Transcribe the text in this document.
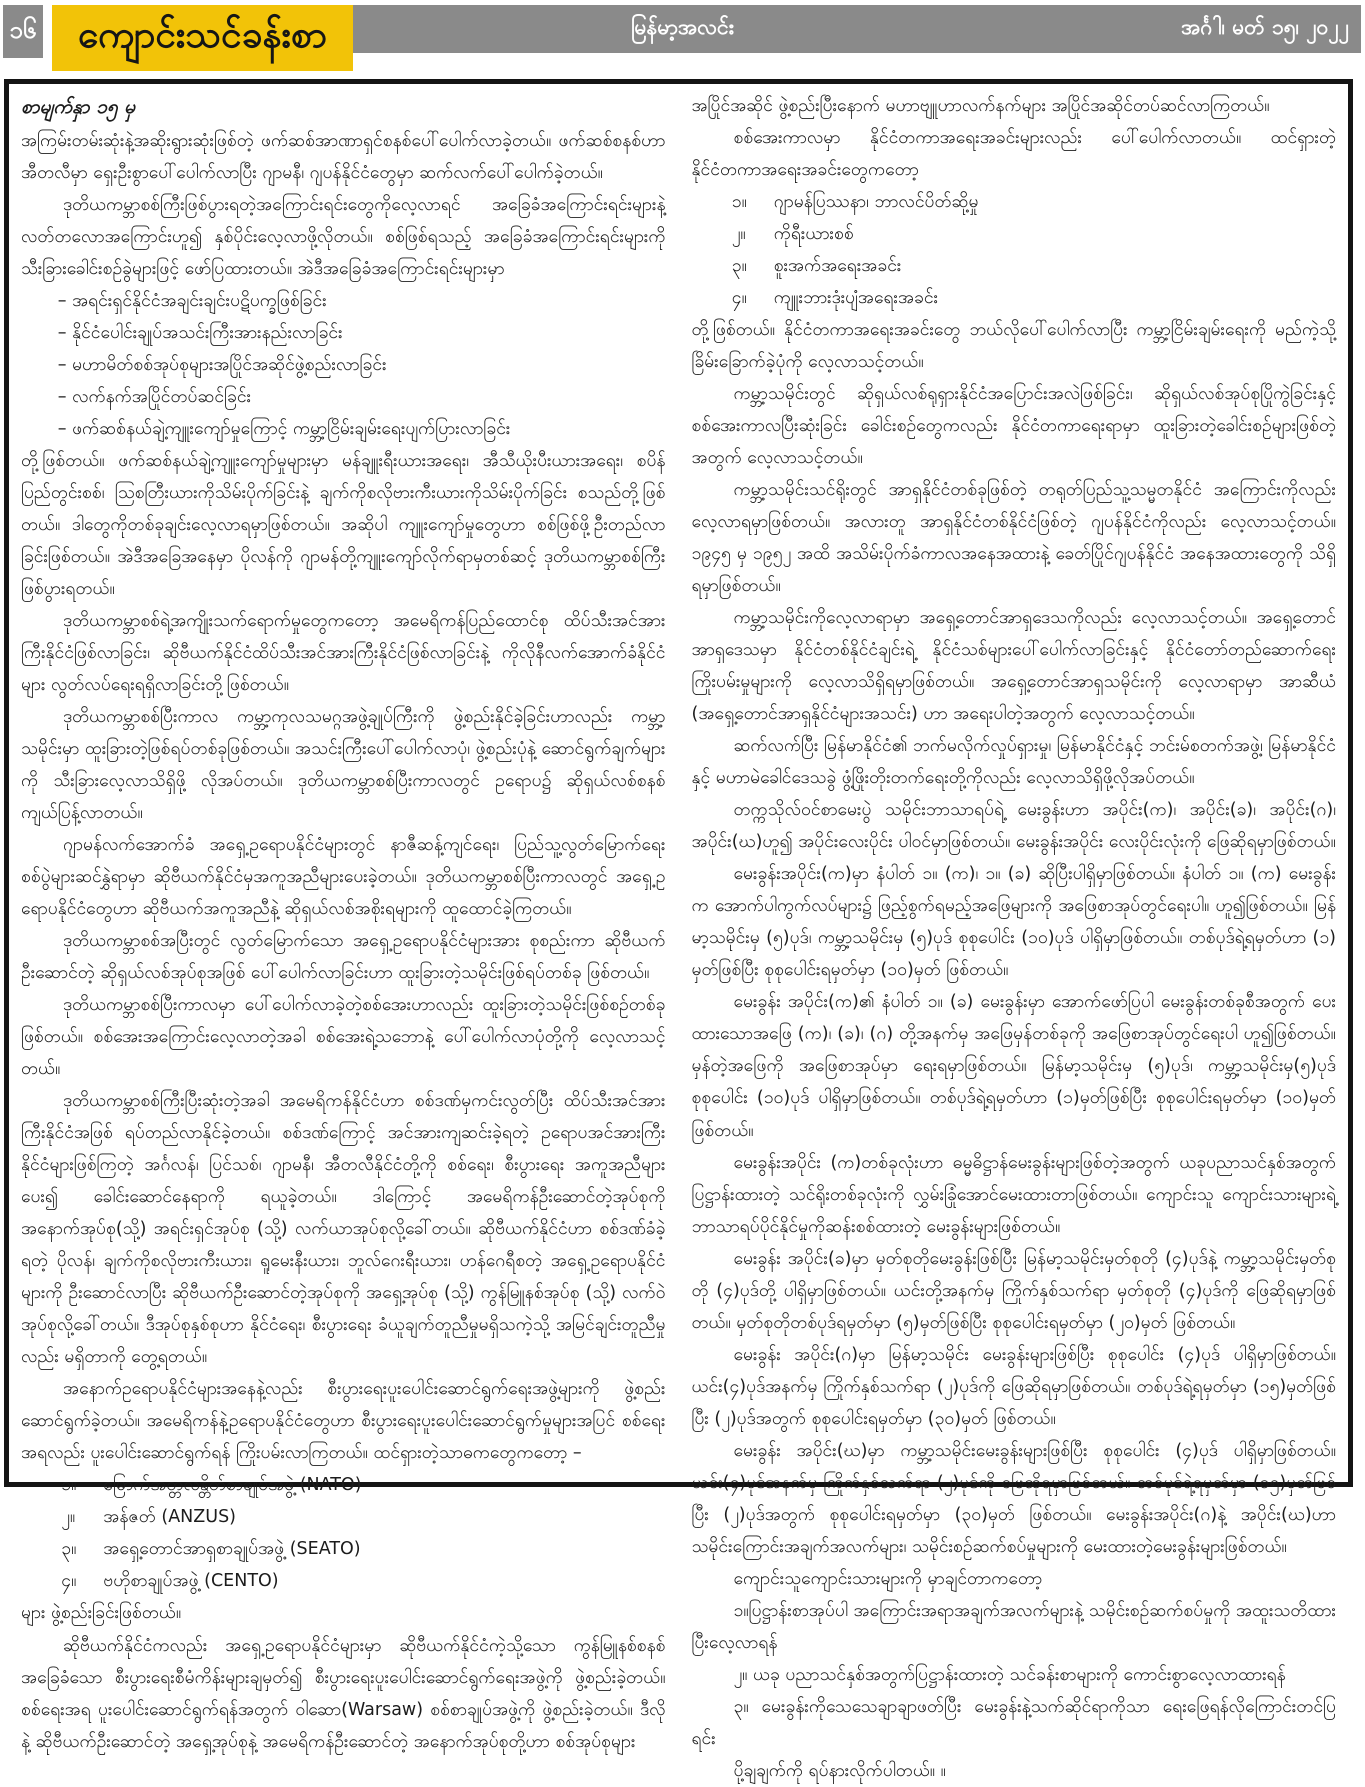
မြန်မာ့အလင်း	အင်္ဂါ၊ မတ် ၁၅၊ ၂၀၂၂
၁၆	ကျောင်းသင်ခန်းစာ
စာမျက်နှာ ၁၅ မှ
အကြမ်းတမ်းဆုံးနဲ့အဆိုးရွားဆုံးဖြစ်တဲ့ ဖက်ဆစ်အာဏာရှင်စနစ်ပေါ်ပေါက်လာခဲ့တယ်။ ဖက်ဆစ်စနစ်ဟာ အီတလီမှာ ရှေးဦးစွာပေါ်ပေါက်လာပြီး ဂျာမနီ၊ ဂျပန်နိုင်ငံတွေမှာ ဆက်လက်ပေါ်ပေါက်ခဲ့တယ်။
ဒုတိယကမ္ဘာစစ်ကြီးဖြစ်ပွားရတဲ့အကြောင်းရင်းတွေကိုလေ့လာရင် အခြေခံအကြောင်းရင်းများနဲ့ လတ်တလောအကြောင်းဟူ၍ နှစ်ပိုင်းလေ့လာဖို့လိုတယ်။ စစ်ဖြစ်ရသည့် အခြေခံအကြောင်းရင်းများကို သီးခြားခေါင်းစဉ်ခွဲများဖြင့် ဖော်ပြထားတယ်။ အဲဒီအခြေခံအကြောင်းရင်းများမှာ
– အရင်းရှင်နိုင်ငံအချင်းချင်းပဋိပက္ခဖြစ်ခြင်း
– နိုင်ငံပေါင်းချုပ်အသင်းကြီးအားနည်းလာခြင်း
– မဟာမိတ်စစ်အုပ်စုများအပြိုင်အဆိုင်ဖွဲ့စည်းလာခြင်း
– လက်နက်အပြိုင်တပ်ဆင်ခြင်း
– ဖက်ဆစ်နယ်ချဲ့ကျူးကျော်မှုကြောင့် ကမ္ဘာ့ငြိမ်းချမ်းရေးပျက်ပြားလာခြင်း
တို့ဖြစ်တယ်။ ဖက်ဆစ်နယ်ချဲ့ကျူးကျော်မှုများမှာ မန်ချူးရီးယားအရေး၊ အီသီယိုးပီးယားအရေး၊ စပိန်ပြည်တွင်းစစ်၊ သြစတြီးယားကိုသိမ်းပိုက်ခြင်းနဲ့ ချက်ကိုစလိုဗားကီးယားကိုသိမ်းပိုက်ခြင်း စသည်တို့ဖြစ်တယ်။ ဒါတွေကိုတစ်ခုချင်းလေ့လာရမှာဖြစ်တယ်။ အဆိုပါ ကျူးကျော်မှုတွေဟာ စစ်ဖြစ်ဖို့ဦးတည်လာခြင်းဖြစ်တယ်။ အဲဒီအခြေအနေမှာ ပိုလန်ကို ဂျာမန်တို့ကျူးကျော်လိုက်ရာမှတစ်ဆင့် ဒုတိယကမ္ဘာစစ်ကြီး ဖြစ်ပွားရတယ်။
ဒုတိယကမ္ဘာစစ်ရဲ့အကျိုးသက်ရောက်မှုတွေကတော့ အမေရိကန်ပြည်ထောင်စု ထိပ်သီးအင်အားကြီးနိုင်ငံဖြစ်လာခြင်း၊ ဆိုဗီယက်နိုင်ငံထိပ်သီးအင်အားကြီးနိုင်ငံဖြစ်လာခြင်းနဲ့ ကိုလိုနီလက်အောက်ခံနိုင်ငံများ လွတ်လပ်ရေးရရှိလာခြင်းတို့ဖြစ်တယ်။
ဒုတိယကမ္ဘာစစ်ပြီးကာလ ကမ္ဘာ့ကုလသမဂ္ဂအဖွဲ့ချုပ်ကြီးကို ဖွဲ့စည်းနိုင်ခဲ့ခြင်းဟာလည်း ကမ္ဘာ့သမိုင်းမှာ ထူးခြားတဲ့ဖြစ်ရပ်တစ်ခုဖြစ်တယ်။ အသင်းကြီးပေါ်ပေါက်လာပုံ၊ ဖွဲ့စည်းပုံနဲ့ ဆောင်ရွက်ချက်များကို သီးခြားလေ့လာသိရှိဖို့ လိုအပ်တယ်။ ဒုတိယကမ္ဘာစစ်ပြီးကာလတွင် ဥရောပ၌ ဆိုရှယ်လစ်စနစ်ကျယ်ပြန့်လာတယ်။
ဂျာမန်လက်အောက်ခံ အရှေ့ဥရောပနိုင်ငံများတွင် နာဇီဆန့်ကျင်ရေး၊ ပြည်သူ့လွတ်မြောက်ရေး စစ်ပွဲများဆင်နွှဲရာမှာ ဆိုဗီယက်နိုင်ငံမှအကူအညီများပေးခဲ့တယ်။ ဒုတိယကမ္ဘာစစ်ပြီးကာလတွင် အရှေ့ဥရောပနိုင်ငံတွေဟာ ဆိုဗီယက်အကူအညီနဲ့ ဆိုရှယ်လစ်အစိုးရများကို ထူထောင်ခဲ့ကြတယ်။
ဒုတိယကမ္ဘာစစ်အပြီးတွင် လွတ်မြောက်သော အရှေ့ဥရောပနိုင်ငံများအား စုစည်းကာ ဆိုဗီယက်ဦးဆောင်တဲ့ ဆိုရှယ်လစ်အုပ်စုအဖြစ် ပေါ်ပေါက်လာခြင်းဟာ ထူးခြားတဲ့သမိုင်းဖြစ်ရပ်တစ်ခု ဖြစ်တယ်။
ဒုတိယကမ္ဘာစစ်ပြီးကာလမှာ ပေါ်ပေါက်လာခဲ့တဲ့စစ်အေးဟာလည်း ထူးခြားတဲ့သမိုင်းဖြစ်စဉ်တစ်ခုဖြစ်တယ်။ စစ်အေးအကြောင်းလေ့လာတဲ့အခါ စစ်အေးရဲ့သဘောနဲ့ ပေါ်ပေါက်လာပုံတို့ကို လေ့လာသင့်တယ်။
ဒုတိယကမ္ဘာစစ်ကြီးပြီးဆုံးတဲ့အခါ အမေရိကန်နိုင်ငံဟာ စစ်ဒဏ်မှကင်းလွတ်ပြီး ထိပ်သီးအင်အားကြီးနိုင်ငံအဖြစ် ရပ်တည်လာနိုင်ခဲ့တယ်။ စစ်ဒဏ်ကြောင့် အင်အားကျဆင်းခဲ့ရတဲ့ ဥရောပအင်အားကြီးနိုင်ငံများဖြစ်ကြတဲ့ အင်္ဂလန်၊ ပြင်သစ်၊ ဂျာမနီ၊ အီတလီနိုင်ငံတို့ကို စစ်ရေး၊ စီးပွားရေး အကူအညီများပေး၍ ခေါင်းဆောင်နေရာကို ရယူခဲ့တယ်။ ဒါကြောင့် အမေရိကန်ဦးဆောင်တဲ့အုပ်စုကို အနောက်အုပ်စု(သို့) အရင်းရှင်အုပ်စု (သို့) လက်ယာအုပ်စုလို့ခေါ်တယ်။ ဆိုဗီယက်နိုင်ငံဟာ စစ်ဒဏ်ခံခဲ့ရတဲ့ ပိုလန်၊ ချက်ကိုစလိုဗားကီးယား၊ ရူမေးနီးယား၊ ဘူလ်ဂေးရီးယား၊ ဟန်ဂေရီစတဲ့ အရှေ့ဥရောပနိုင်ငံများကို ဦးဆောင်လာပြီး ဆိုဗီယက်ဦးဆောင်တဲ့အုပ်စုကို အရှေ့အုပ်စု (သို့) ကွန်မြူနစ်အုပ်စု (သို့) လက်ဝဲအုပ်စုလို့ခေါ်တယ်။ ဒီအုပ်စုနှစ်စုဟာ နိုင်ငံရေး၊ စီးပွားရေး ခံယူချက်တူညီမှုမရှိသကဲ့သို့ အမြင်ချင်းတူညီမှုလည်း မရှိတာကို တွေ့ရတယ်။
အနောက်ဥရောပနိုင်ငံများအနေနဲ့လည်း စီးပွားရေးပူးပေါင်းဆောင်ရွက်ရေးအဖွဲ့များကို ဖွဲ့စည်းဆောင်ရွက်ခဲ့တယ်။ အမေရိကန်နဲ့ဥရောပနိုင်ငံတွေဟာ စီးပွားရေးပူးပေါင်းဆောင်ရွက်မှုများအပြင် စစ်ရေးအရလည်း ပူးပေါင်းဆောင်ရွက်ရန် ကြိုးပမ်းလာကြတယ်။ ထင်ရှားတဲ့သာဓကတွေကတော့ –
၁။ မြောက်အတ္တလန္တိတ်စာချုပ်အဖွဲ့ (NATO)
၂။ အန်ဇတ် (ANZUS)
၃။ အရှေ့တောင်အာရှစာချုပ်အဖွဲ့ (SEATO)
၄။ ဗဟိုစာချုပ်အဖွဲ့ (CENTO)
များ ဖွဲ့စည်းခြင်းဖြစ်တယ်။
ဆိုဗီယက်နိုင်ငံကလည်း အရှေ့ဥရောပနိုင်ငံများမှာ ဆိုဗီယက်နိုင်ငံကဲ့သို့သော ကွန်မြူနစ်စနစ်အခြေခံသော စီးပွားရေးစီမံကိန်းများချမှတ်၍ စီးပွားရေးပူးပေါင်းဆောင်ရွက်ရေးအဖွဲ့ကို ဖွဲ့စည်းခဲ့တယ်။ စစ်ရေးအရ ပူးပေါင်းဆောင်ရွက်ရန်အတွက် ဝါဆော(Warsaw) စစ်စာချုပ်အဖွဲ့ကို ဖွဲ့စည်းခဲ့တယ်။ ဒီလိုနဲ့ ဆိုဗီယက်ဦးဆောင်တဲ့ အရှေ့အုပ်စုနဲ့ အမေရိကန်ဦးဆောင်တဲ့ အနောက်အုပ်စုတို့ဟာ စစ်အုပ်စုများ
အပြိုင်အဆိုင် ဖွဲ့စည်းပြီးနောက် မဟာဗျူဟာလက်နက်များ အပြိုင်အဆိုင်တပ်ဆင်လာကြတယ်။
စစ်အေးကာလမှာ နိုင်ငံတကာအရေးအခင်းများလည်း ပေါ်ပေါက်လာတယ်။ ထင်ရှားတဲ့ နိုင်ငံတကာအရေးအခင်းတွေကတော့
၁။ ဂျာမန်ပြဿနာ၊ ဘာလင်ပိတ်ဆို့မှု
၂။ ကိုရီးယားစစ်
၃။ စူးအက်အရေးအခင်း
၄။ ကျူးဘားဒုံးပျံအရေးအခင်း
တို့ဖြစ်တယ်။ နိုင်ငံတကာအရေးအခင်းတွေ ဘယ်လိုပေါ်ပေါက်လာပြီး ကမ္ဘာ့ငြိမ်းချမ်းရေးကို မည်ကဲ့သို့ ခြိမ်းခြောက်ခဲ့ပုံကို လေ့လာသင့်တယ်။
ကမ္ဘာ့သမိုင်းတွင် ဆိုရှယ်လစ်ရုရှားနိုင်ငံအပြောင်းအလဲဖြစ်ခြင်း၊ ဆိုရှယ်လစ်အုပ်စုပြိုကွဲခြင်းနှင့် စစ်အေးကာလပြီးဆုံးခြင်း ခေါင်းစဉ်တွေကလည်း နိုင်ငံတကာရေးရာမှာ ထူးခြားတဲ့ခေါင်းစဉ်များဖြစ်တဲ့အတွက် လေ့လာသင့်တယ်။
ကမ္ဘာ့သမိုင်းသင်ရိုးတွင် အာရှနိုင်ငံတစ်ခုဖြစ်တဲ့ တရုတ်ပြည်သူ့သမ္မတနိုင်ငံ အကြောင်းကိုလည်း လေ့လာရမှာဖြစ်တယ်။ အလားတူ အာရှနိုင်ငံတစ်နိုင်ငံဖြစ်တဲ့ ဂျပန်နိုင်ငံကိုလည်း လေ့လာသင့်တယ်။ ၁၉၄၅ မှ ၁၉၅၂ အထိ အသိမ်းပိုက်ခံကာလအနေအထားနဲ့ ခေတ်ပြိုင်ဂျပန်နိုင်ငံ အနေအထားတွေကို သိရှိရမှာဖြစ်တယ်။
ကမ္ဘာ့သမိုင်းကိုလေ့လာရာမှာ အရှေ့တောင်အာရှဒေသကိုလည်း လေ့လာသင့်တယ်။ အရှေ့တောင်အာရှဒေသမှာ နိုင်ငံတစ်နိုင်ငံချင်းရဲ့ နိုင်ငံသစ်များပေါ်ပေါက်လာခြင်းနှင့် နိုင်ငံတော်တည်ဆောက်ရေး ကြိုးပမ်းမှုများကို လေ့လာသိရှိရမှာဖြစ်တယ်။ အရှေ့တောင်အာရှသမိုင်းကို လေ့လာရာမှာ အာဆီယံ (အရှေ့တောင်အာရှနိုင်ငံများအသင်း) ဟာ အရေးပါတဲ့အတွက် လေ့လာသင့်တယ်။
ဆက်လက်ပြီး မြန်မာနိုင်ငံ၏ ဘက်မလိုက်လှုပ်ရှားမှု၊ မြန်မာနိုင်ငံနှင့် ဘင်းမ်စတက်အဖွဲ့၊ မြန်မာနိုင်ငံနှင့် မဟာမဲခေါင်ဒေသခွဲ ဖွံ့ဖြိုးတိုးတက်ရေးတို့ကိုလည်း လေ့လာသိရှိဖို့လိုအပ်တယ်။
တက္ကသိုလ်ဝင်စာမေးပွဲ သမိုင်းဘာသာရပ်ရဲ့ မေးခွန်းဟာ အပိုင်း(က)၊ အပိုင်း(ခ)၊ အပိုင်း(ဂ)၊ အပိုင်း(ဃ)ဟူ၍ အပိုင်းလေးပိုင်း ပါဝင်မှာဖြစ်တယ်။ မေးခွန်းအပိုင်း လေးပိုင်းလုံးကို ဖြေဆိုရမှာဖြစ်တယ်။
မေးခွန်းအပိုင်း(က)မှာ နံပါတ် ၁။ (က)၊ ၁။ (ခ) ဆိုပြီးပါရှိမှာဖြစ်တယ်။ နံပါတ် ၁။ (က) မေးခွန်းက အောက်ပါကွက်လပ်များ၌ ဖြည့်စွက်ရမည့်အဖြေများကို အဖြေစာအုပ်တွင်ရေးပါ။ ဟူ၍ဖြစ်တယ်။ မြန်မာ့သမိုင်းမှ (၅)ပုဒ်၊ ကမ္ဘာ့သမိုင်းမှ (၅)ပုဒ် စုစုပေါင်း (၁၀)ပုဒ် ပါရှိမှာဖြစ်တယ်။ တစ်ပုဒ်ရဲ့ရမှတ်ဟာ (၁) မှတ်ဖြစ်ပြီး စုစုပေါင်းရမှတ်မှာ (၁၀)မှတ် ဖြစ်တယ်။
မေးခွန်း အပိုင်း(က)၏ နံပါတ် ၁။ (ခ) မေးခွန်းမှာ အောက်ဖော်ပြပါ မေးခွန်းတစ်ခုစီအတွက် ပေးထားသောအဖြေ (က)၊ (ခ)၊ (ဂ) တို့အနက်မှ အဖြေမှန်တစ်ခုကို အဖြေစာအုပ်တွင်ရေးပါ ဟူ၍ဖြစ်တယ်။ မှန်တဲ့အဖြေကို အဖြေစာအုပ်မှာ ရေးရမှာဖြစ်တယ်။ မြန်မာ့သမိုင်းမှ (၅)ပုဒ်၊ ကမ္ဘာ့သမိုင်းမှ(၅)ပုဒ် စုစုပေါင်း (၁၀)ပုဒ် ပါရှိမှာဖြစ်တယ်။ တစ်ပုဒ်ရဲ့ရမှတ်ဟာ (၁)မှတ်ဖြစ်ပြီး စုစုပေါင်းရမှတ်မှာ (၁၀)မှတ် ဖြစ်တယ်။
မေးခွန်းအပိုင်း (က)တစ်ခုလုံးဟာ ဓမ္မဓိဋ္ဌာန်မေးခွန်းများဖြစ်တဲ့အတွက် ယခုပညာသင်နှစ်အတွက် ပြဋ္ဌာန်းထားတဲ့ သင်ရိုးတစ်ခုလုံးကို လွှမ်းခြုံအောင်မေးထားတာဖြစ်တယ်။ ကျောင်းသူ ကျောင်းသားများရဲ့ ဘာသာရပ်ပိုင်နိုင်မှုကိုဆန်းစစ်ထားတဲ့ မေးခွန်းများဖြစ်တယ်။
မေးခွန်း အပိုင်း(ခ)မှာ မှတ်စုတိုမေးခွန်းဖြစ်ပြီး မြန်မာ့သမိုင်းမှတ်စုတို (၄)ပုဒ်နဲ့ ကမ္ဘာ့သမိုင်းမှတ်စုတို (၄)ပုဒ်တို့ ပါရှိမှာဖြစ်တယ်။ ယင်းတို့အနက်မှ ကြိုက်နှစ်သက်ရာ မှတ်စုတို (၄)ပုဒ်ကို ဖြေဆိုရမှာဖြစ်တယ်။ မှတ်စုတိုတစ်ပုဒ်ရမှတ်မှာ (၅)မှတ်ဖြစ်ပြီး စုစုပေါင်းရမှတ်မှာ (၂၀)မှတ် ဖြစ်တယ်။
မေးခွန်း အပိုင်း(ဂ)မှာ မြန်မာ့သမိုင်း မေးခွန်းများဖြစ်ပြီး စုစုပေါင်း (၄)ပုဒ် ပါရှိမှာဖြစ်တယ်။ ယင်း(၄)ပုဒ်အနက်မှ ကြိုက်နှစ်သက်ရာ (၂)ပုဒ်ကို ဖြေဆိုရမှာဖြစ်တယ်။ တစ်ပုဒ်ရဲ့ရမှတ်မှာ (၁၅)မှတ်ဖြစ်ပြီး (၂)ပုဒ်အတွက် စုစုပေါင်းရမှတ်မှာ (၃၀)မှတ် ဖြစ်တယ်။
မေးခွန်း အပိုင်း(ဃ)မှာ ကမ္ဘာ့သမိုင်းမေးခွန်းများဖြစ်ပြီး စုစုပေါင်း (၄)ပုဒ် ပါရှိမှာဖြစ်တယ်။ ယင်း(၄)ပုဒ်အနက်မှ ကြိုက်နှစ်သက်ရာ (၂)ပုဒ်ကို ဖြေဆိုရမှာဖြစ်တယ်။ တစ်ပုဒ်ရဲ့ရမှတ်မှာ (၁၅)မှတ်ဖြစ်ပြီး (၂)ပုဒ်အတွက် စုစုပေါင်းရမှတ်မှာ (၃၀)မှတ် ဖြစ်တယ်။ မေးခွန်းအပိုင်း(ဂ)နဲ့ အပိုင်း(ဃ)ဟာ သမိုင်းကြောင်းအချက်အလက်များ၊ သမိုင်းစဉ်ဆက်စပ်မှုများကို မေးထားတဲ့မေးခွန်းများဖြစ်တယ်။
ကျောင်းသူကျောင်းသားများကို မှာချင်တာကတော့
၁။ပြဋ္ဌာန်းစာအုပ်ပါ အကြောင်းအရာအချက်အလက်များနဲ့ သမိုင်းစဉ်ဆက်စပ်မှုကို အထူးသတိထားပြီးလေ့လာရန်
၂။ ယခု ပညာသင်နှစ်အတွက်ပြဋ္ဌာန်းထားတဲ့ သင်ခန်းစာများကို ကောင်းစွာလေ့လာထားရန်
၃။ မေးခွန်းကိုသေသေချာချာဖတ်ပြီး မေးခွန်းနဲ့သက်ဆိုင်ရာကိုသာ ရေးဖြေရန်လိုကြောင်းတင်ပြရင်း
ပို့ချချက်ကို ရပ်နားလိုက်ပါတယ်။ ။
